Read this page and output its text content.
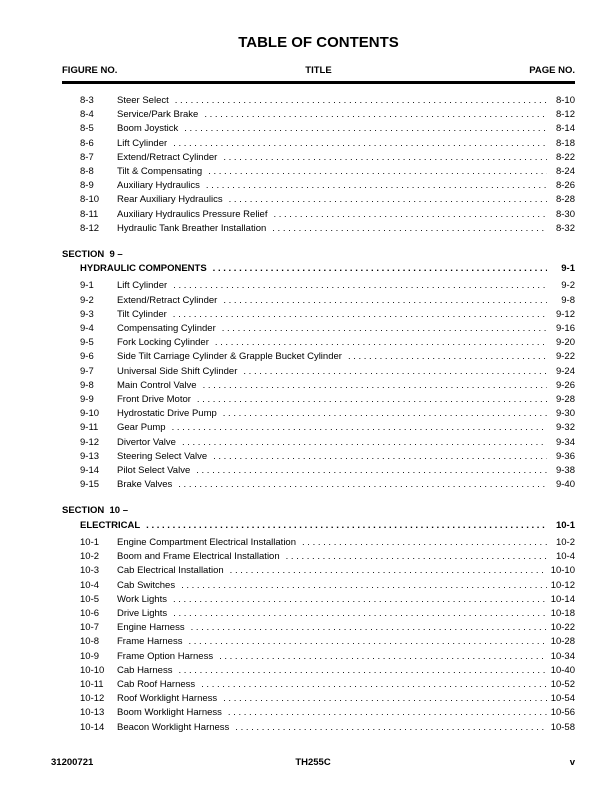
TABLE OF CONTENTS
FIGURE NO.	TITLE	PAGE NO.
8-3	Steer Select . . .	8-10
8-4	Service/Park Brake . . .	8-12
8-5	Boom Joystick . . .	8-14
8-6	Lift Cylinder . . .	8-18
8-7	Extend/Retract Cylinder . . .	8-22
8-8	Tilt & Compensating . . .	8-24
8-9	Auxiliary Hydraulics . . .	8-26
8-10	Rear Auxiliary Hydraulics . . .	8-28
8-11	Auxiliary Hydraulics Pressure Relief . . .	8-30
8-12	Hydraulic Tank Breather Installation . . .	8-32
SECTION  9 –
HYDRAULIC COMPONENTS . . .	9-1
9-1	Lift Cylinder . . .	9-2
9-2	Extend/Retract Cylinder . . .	9-8
9-3	Tilt Cylinder . . .	9-12
9-4	Compensating Cylinder . . .	9-16
9-5	Fork Locking Cylinder . . .	9-20
9-6	Side Tilt Carriage Cylinder & Grapple Bucket Cylinder . . .	9-22
9-7	Universal Side Shift Cylinder . . .	9-24
9-8	Main Control Valve . . .	9-26
9-9	Front Drive Motor . . .	9-28
9-10	Hydrostatic Drive Pump . . .	9-30
9-11	Gear Pump . . .	9-32
9-12	Divertor Valve . . .	9-34
9-13	Steering Select Valve . . .	9-36
9-14	Pilot Select Valve . . .	9-38
9-15	Brake Valves . . .	9-40
SECTION  10 –
ELECTRICAL . . .	10-1
10-1	Engine Compartment Electrical Installation . . .	10-2
10-2	Boom and Frame Electrical Installation . . .	10-4
10-3	Cab Electrical Installation . . .	10-10
10-4	Cab Switches . . .	10-12
10-5	Work Lights . . .	10-14
10-6	Drive Lights . . .	10-18
10-7	Engine Harness . . .	10-22
10-8	Frame Harness . . .	10-28
10-9	Frame Option Harness . . .	10-34
10-10	Cab Harness . . .	10-40
10-11	Cab Roof Harness . . .	10-52
10-12	Roof Worklight Harness . . .	10-54
10-13	Boom Worklight Harness . . .	10-56
10-14	Beacon Worklight Harness . . .	10-58
31200721	TH255C	v
